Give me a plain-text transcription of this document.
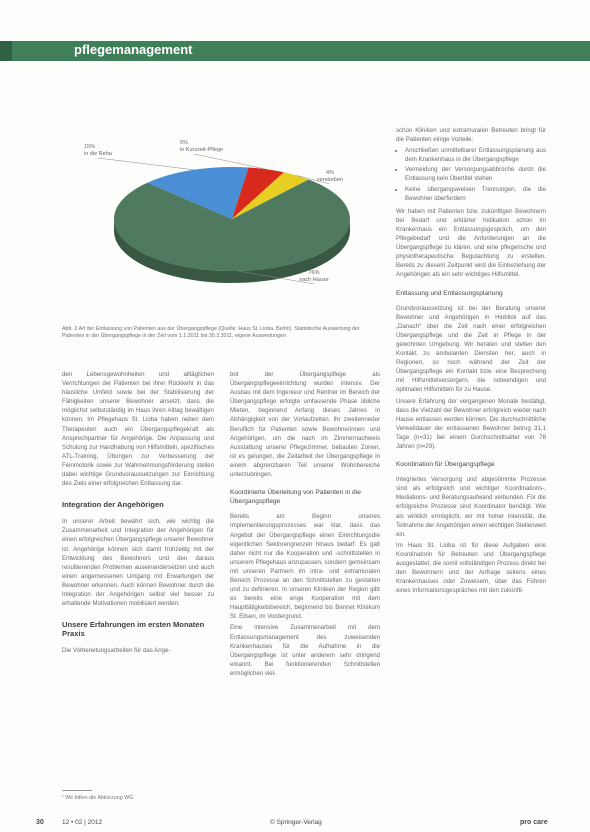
pflegemanagement
15%
in die Reha
5%
in Kurzzeit-Pflege
4%
verstorben
76%
nach Hause
Abb. 2 Art der Entlassung von Patienten aus der Übergangspflege (Quelle: Haus St. Lioba, Berlin). Statistische Auswertung der Patienten in der Übergangspflege in der Zeit vom 1.1.2011 bis 30.3.2011, eigene Auswertungen

den Lebensgewohnheiten und alltäglichen Verrichtungen der Patienten bei ihrer Rückkehr in das häusliche Umfeld sowie bei der Stabilisierung der Fähigkeiten unserer Bewohner ansetzt, dass die möglichst selbstständig im Haus ihren Alltag bewältigen können. Im Pflegehaus St. Lioba haben neben dem Therapeuten auch ein Übergangspflegekraft als Ansprechpartner für Angehörige. Die Anpassung und Schulung zur Handhabung von Hilfsmitteln, spezifisches ATL-Training, Übungen zur Verbesserung der Feinmotorik sowie zur Wahrnehmungsförderung stellen dabei wichtige Grundvoraussetzungen zur Einrichtung des Ziels einer erfolgreichen Entlassung dar.

Integration der Angehörigen

In unserer Arbeit bewährt sich, wie wichtig die Zusammenarbeit und Integration der Angehörigen für einen erfolgreichen Übergangspflege unserer Bewohner ist. Angehörige können sich damit frühzeitig mit der Entwicklung des Bewohners und den daraus resultierenden Problemen auseinandersetzen und auch einen angemessenen Umgang mit Erwartungen der Bewohner erkennen. Auch können Bewohner durch die Integration der Angehörigen selbst viel besser zu erhaltende Motivationen mobilisiert werden.

Unsere Erfahrungen im ersten Monaten Praxis

Die Vorbereitungsarbeiten für das Ange-

¹ Wir bitten die Abkürzung WG

bot der Übergangspflege als Übergangspflegeeinrichtung wurden intensiv. Der Ausbau mit dem Ingenieur und Rentner im Bereich der Übergangspflege erfolgte umfassende Phase übliche Mieten, beginnend Anfang dieses Jahres in Abhängigkeit von der Vorlaufzeiten. Ihr zweitenneder Beruflich für Patienten sowie Bewohnerinnen und Angehörigen, um die nach im Zimmernachweis Ausstattung unserer Pflegezimmer, bebauten Zonen, ist es gelungen, die Zeitarbeit der Übergangspflege in einem abgrenzbaren Teil unserer Wohnbereiche unterzubringen.

Koordinierte Überleitung von Patienten in die Übergangspflege

Bereits am Beginn unseres Implementierungsprozesses war klar, dass das Angebot der Übergangspflege einen Einrichtungsdie eigentlichen Sektorengrenzen hinaus bedarf. Es galt daher nicht nur die Kooperation und -schnittstellen in unserem Pflegehaus anzupassen, sondern gemeinsam mit unseren Partnern im intra- und extramuralen Bereich Prozesse an den Schnittstellen zu gestalten und zu definieren. In unseren Kliniken der Region gibt es bereits eine enge Kooperation mit dem Haupttätigkeitsbereich, beginnend bis Bennet Klinikum St. Elisen, im Vordergrund.

Eine intensive Zusammenarbeit mit dem Entlassungsmanagement des zuweisenden Krankenhauses für die Aufnahme in die Übergangspflege ist unter anderem sehr dringend erkannt. Bei funktionierenden Schnittstellen ermöglichen viel-

schon Kliniken und extramuralen Betreuten bringt für die Patienten einige Vorteile:

• Anschließen unmittelbarer Entlassungsplanung aus dem Krankenhaus in die Übergangspflege
• Vermeidung der Versorgungsabbrüche durch die Entlassung kein Übertitel stehen
• Keine übergangsweisen Trennungen, die die Bewohner überfordern

Wir haben mit Patienten bzw. zukünftigen Bewohnern bei Bedarf und erklärter Indikation schon im Krankenhaus ein Entlassungsgespräch, um den Pflegebedarf und die Anforderungen an die Übergangspflege zu klären, und eine pflegerische und physiotherapeutische Begutachtung zu erstellen. Bereits zu diesem Zeitpunkt wird die Einbeziehung der Angehörigen als ein sehr wichtiges Hilfsmittel.

Entlassung und Entlassungsplanung

Grundvoraussetzung ist bei der Beratung unserer Bewohner und Angehörigen in Hinblick auf das „Danach“ über die Zeit nach einer erfolgreichen Übergangspflege und die Zeit in Pflege in der gewohnten Umgebung. Wir beraten und stellen den Kontakt zu ambulanten Diensten her, auch in Regionen, so noch während der Zeit der Übergangspflege ein Kontakt bzw. eine Besprechung mit Hilfsmittelversorgern, die notwendigen und optimalen Hilfsmitteln für zu Hause.

Unsere Erfahrung der vergangenen Monate bestätigt, dass die Vielzahl der Bewohner erfolgreich wieder nach Hause entlassen werden können. Die durchschnittliche Verweildauer der entlassenen Bewohner betrug 31,1 Tage (n=31) bei einem Durchschnittsalter von 78 Jahren (n=29).

Koordination für Übergangspflege

Integriertes Versorgung und abgestimmte Prozesse sind als erfolgreich und wichtiger Koordinations-, Mediations- und Beratungsaufwand verbunden. Für die erfolgreiche Prozesse sind Koordinator benötigt. Wie als wirklich ermöglicht, wir mit hoher Intensität, die Teilnahme der Angehörigen einen wichtigen Stellenwert ein.

Im Haus St. Lioba ist für diese Aufgaben eine Koordinatorin für Betreuten und Übergangspflege ausgestattet, die somit vollständigen Prozess direkt bei den Bewohnern und der Anfrage seitens eines Krankenhauses oder Zuweisern, über das Führen eines Informationsgespräches mit den zukünfti-

30	12 • 02 | 2012	© Springer-Verlag	pro care
